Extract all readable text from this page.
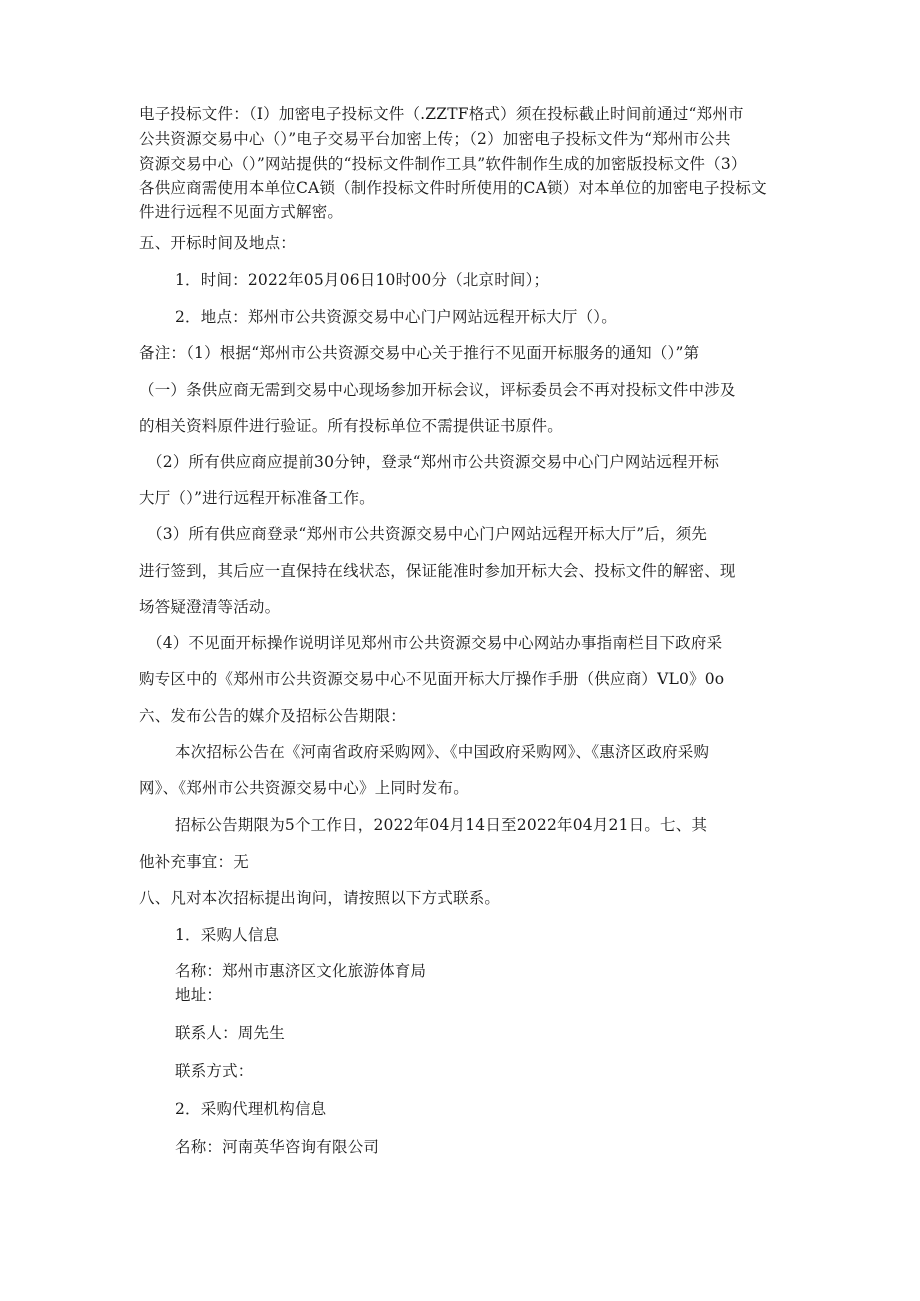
电子投标文件：（I）加密电子投标文件（.ZZTF格式）须在投标截止时间前通过“郑州市
公共资源交易中心（）”电子交易平台加密上传；（2）加密电子投标文件为“郑州市公共
资源交易中心（）”网站提供的“投标文件制作工具”软件制作生成的加密版投标文件（3）
各供应商需使用本单位CA锁（制作投标文件时所使用的CA锁）对本单位的加密电子投标文
件进行远程不见面方式解密。
五、开标时间及地点：
1．时间：2022年05月06日10时00分（北京时间）；
2．地点：郑州市公共资源交易中心门户网站远程开标大厅（）。
备注：（1）根据“郑州市公共资源交易中心关于推行不见面开标服务的通知（）”第
（一）条供应商无需到交易中心现场参加开标会议，评标委员会不再对投标文件中涉及
的相关资料原件进行验证。所有投标单位不需提供证书原件。
（2）所有供应商应提前30分钟，登录“郑州市公共资源交易中心门户网站远程开标
大厅（）”进行远程开标准备工作。
（3）所有供应商登录“郑州市公共资源交易中心门户网站远程开标大厅”后，须先
进行签到，其后应一直保持在线状态，保证能准时参加开标大会、投标文件的解密、现
场答疑澄清等活动。
（4）不见面开标操作说明详见郑州市公共资源交易中心网站办事指南栏目下政府采
购专区中的《郑州市公共资源交易中心不见面开标大厅操作手册（供应商）VL0》0o
六、发布公告的媒介及招标公告期限：
本次招标公告在《河南省政府采购网》、《中国政府采购网》、《惠济区政府采购
网》、《郑州市公共资源交易中心》上同时发布。
招标公告期限为5个工作日，2022年04月14日至2022年04月21日。七、其
他补充事宜：无
八、凡对本次招标提出询问，请按照以下方式联系。
1．采购人信息
名称：郑州市惠济区文化旅游体育局
地址：
联系人：周先生
联系方式：
2．采购代理机构信息
名称：河南英华咨询有限公司
